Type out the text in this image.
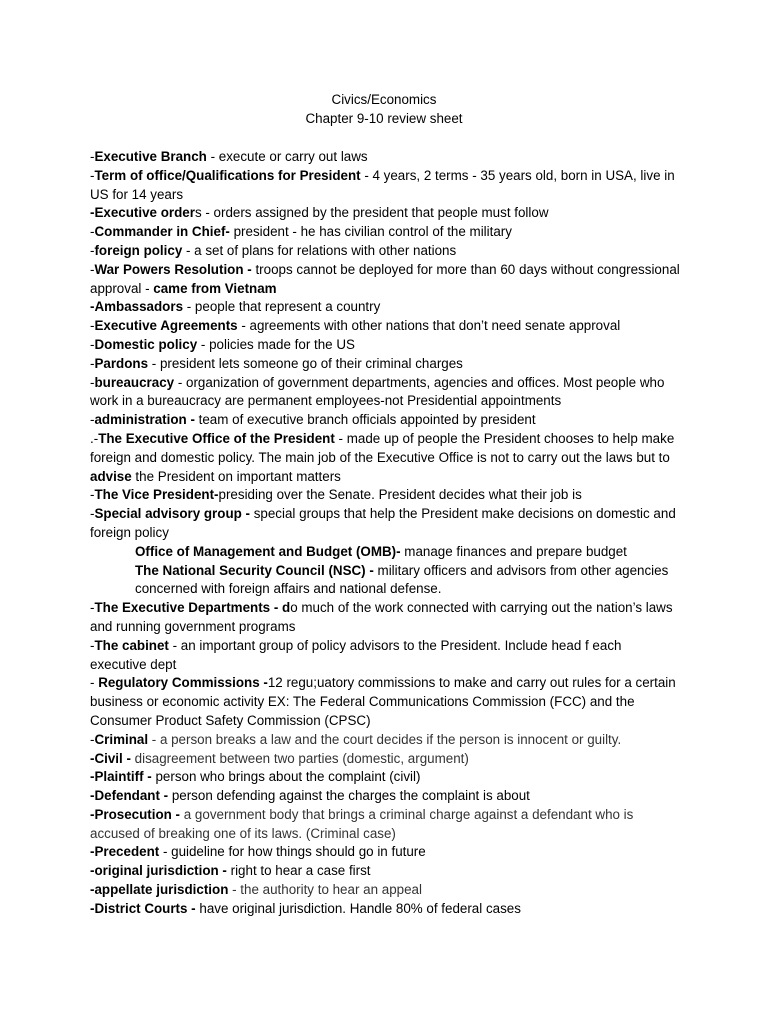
Civics/Economics
Chapter 9-10 review sheet
-Executive Branch - execute or carry out laws
-Term of office/Qualifications for President - 4 years, 2 terms - 35 years old, born in USA, live in US for 14 years
-Executive orders - orders assigned by the president that people must follow
-Commander in Chief- president - he has civilian control of the military
-foreign policy - a set of plans for relations with other nations
-War Powers Resolution - troops cannot be deployed for more than 60 days without congressional approval - came from Vietnam
-Ambassadors - people that represent a country
-Executive Agreements - agreements with other nations that don’t need senate approval
-Domestic policy - policies made for the US
-Pardons - president lets someone go of their criminal charges
-bureaucracy - organization of government departments, agencies and offices. Most people who work in a bureaucracy are permanent employees-not Presidential appointments
-administration - team of executive branch officials appointed by president
.-The Executive Office of the President - made up of people the President chooses to help make foreign and domestic policy. The main job of the Executive Office is not to carry out the laws but to advise the President on important matters
-The Vice President-presiding over the Senate. President decides what their job is
-Special advisory group - special groups that help the President make decisions on domestic and foreign policy
Office of Management and Budget (OMB)- manage finances and prepare budget
The National Security Council (NSC) - military officers and advisors from other agencies concerned with foreign affairs and national defense.
-The Executive Departments - do much of the work connected with carrying out the nation’s laws and running government programs
-The cabinet - an important group of policy advisors to the President. Include head f each executive dept
- Regulatory Commissions -12 regu;uatory commissions to make and carry out rules for a certain business or economic activity EX: The Federal Communications Commission (FCC) and the Consumer Product Safety Commission (CPSC)
-Criminal - a person breaks a law and the court decides if the person is innocent or guilty.
-Civil - disagreement between two parties (domestic, argument)
-Plaintiff - person who brings about the complaint (civil)
-Defendant - person defending against the charges the complaint is about
-Prosecution - a government body that brings a criminal charge against a defendant who is accused of breaking one of its laws. (Criminal case)
-Precedent - guideline for how things should go in future
-original jurisdiction - right to hear a case first
-appellate jurisdiction - the authority to hear an appeal
-District Courts - have original jurisdiction. Handle 80% of federal cases
